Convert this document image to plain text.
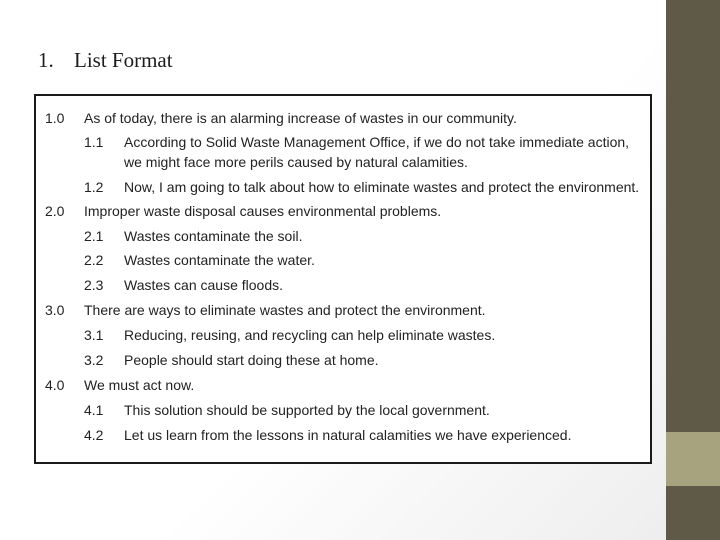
1. List Format
1.0 As of today, there is an alarming increase of wastes in our community.
1.1 According to Solid Waste Management Office, if we do not take immediate action,
we might face more perils caused by natural calamities.
1.2 Now, I am going to talk about how to eliminate wastes and protect the environment.
2.0 Improper waste disposal causes environmental problems.
2.1 Wastes contaminate the soil.
2.2 Wastes contaminate the water.
2.3 Wastes can cause floods.
3.0 There are ways to eliminate wastes and protect the environment.
3.1 Reducing, reusing, and recycling can help eliminate wastes.
3.2 People should start doing these at home.
4.0 We must act now.
4.1 This solution should be supported by the local government.
4.2 Let us learn from the lessons in natural calamities we have experienced.
